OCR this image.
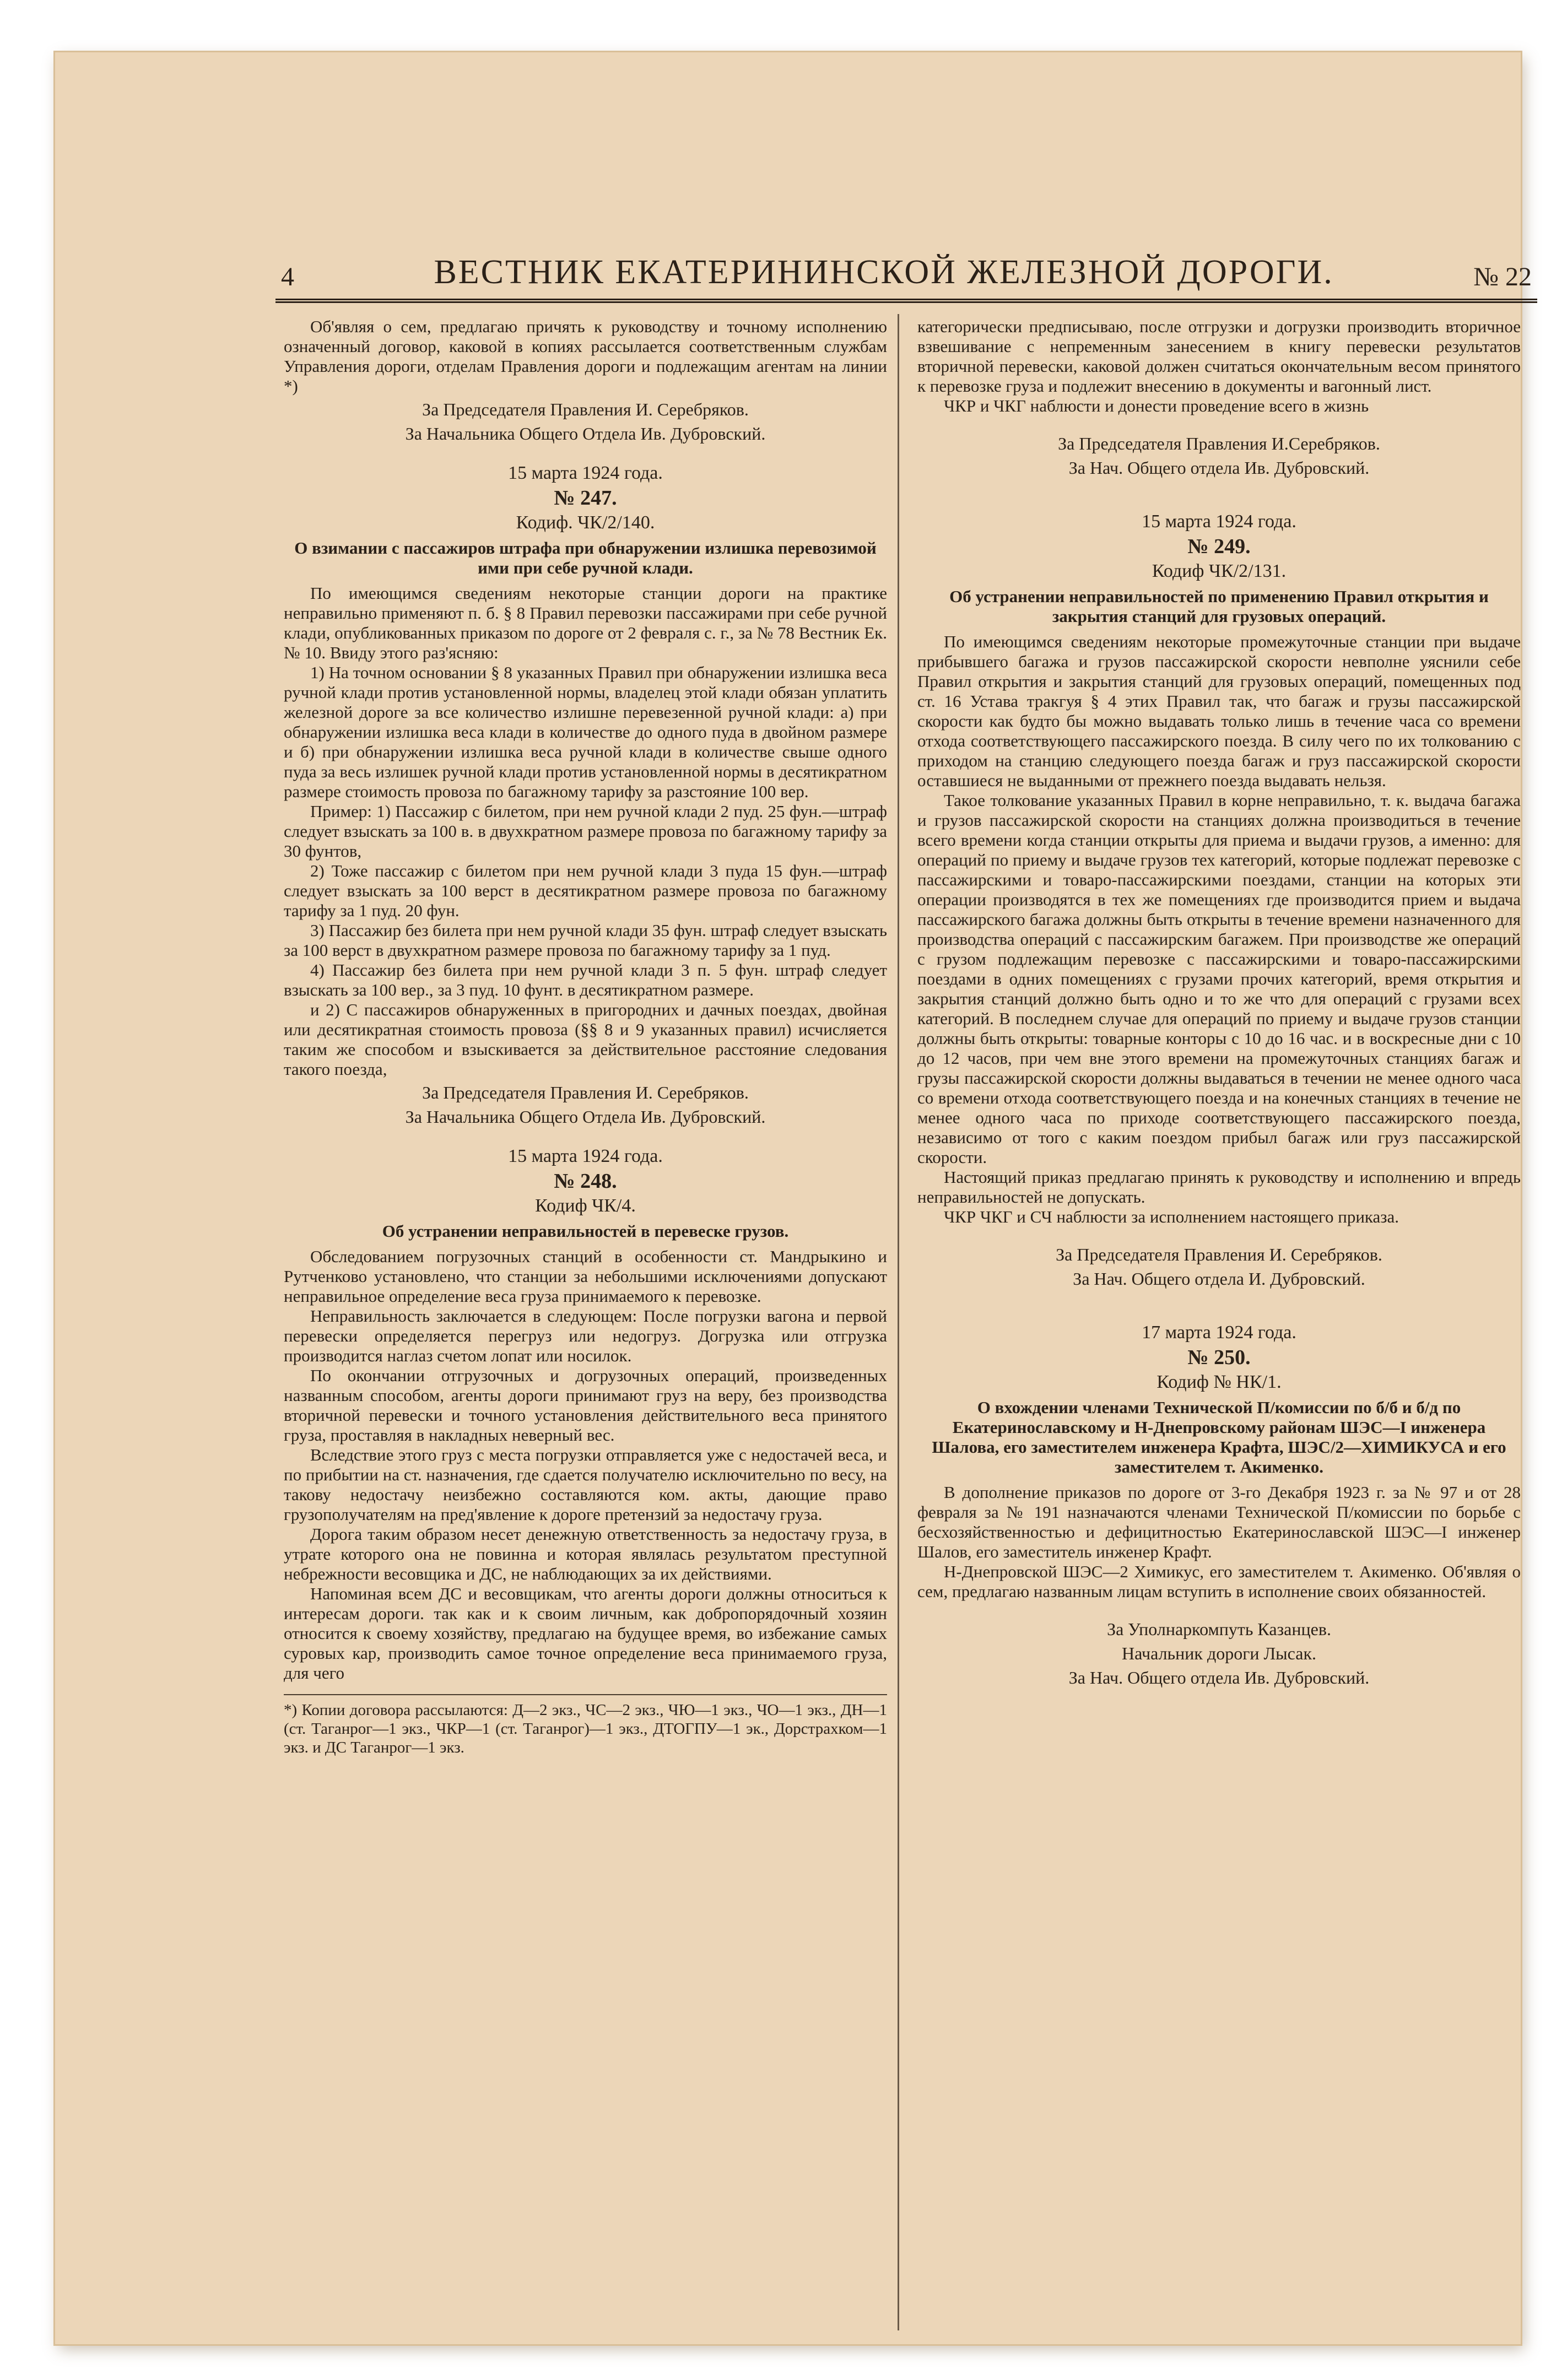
4	ВЕСТНИК ЕКАТЕРИНИНСКОЙ ЖЕЛЕЗНОЙ ДОРОГИ.	№ 22

Об'являя о сем, предлагаю причять к руководству и точному исполнению означенный договор, каковой в копиях рассылается соответственным службам Управления дороги, отделам Правления дороги и подлежащим агентам на линии *)

За Председателя Правления И. Серебряков.
За Начальника Общего Отдела Ив. Дубровский.
15 марта 1924 года.
№ 247.
Кодиф. ЧК/2/140.
О взимании с пассажиров штрафа при обнаружении излишка перевозимой ими при себе ручной клади.

По имеющимся сведениям некоторые станции дороги на практике неправильно применяют п. б. § 8 Правил перевозки пассажирами при себе ручной клади, опубликованных приказом по дороге от 2 февраля с. г., за № 78 Вестник Ек. № 10. Ввиду этого раз'ясняю:

1) На точном основании § 8 указанных Правил при обнаружении излишка веса ручной клади против установленной нормы, владелец этой клади обязан уплатить железной дороге за все количество излишне перевезенной ручной клади: а) при обнаружении излишка веса клади в количестве до одного пуда в двойном размере и б) при обнаружении излишка веса ручной клади в количестве свыше одного пуда за весь излишек ручной клади против установленной нормы в десятикратном размере стоимость провоза по багажному тарифу за разстояние 100 вер.

Пример: 1) Пассажир с билетом, при нем ручной клади 2 пуд. 25 фун.—штраф следует взыскать за 100 в. в двухкратном размере провоза по багажному тарифу за 30 фунтов,

2) Тоже пассажир с билетом при нем ручной клади 3 пуда 15 фун.—штраф следует взыскать за 100 верст в десятикратном размере провоза по багажному тарифу за 1 пуд. 20 фун.

3) Пассажир без билета при нем ручной клади 35 фун. штраф следует взыскать за 100 верст в двухкратном размере провоза по багажному тарифу за 1 пуд.

4) Пассажир без билета при нем ручной клади 3 п. 5 фун. штраф следует взыскать за 100 вер., за 3 пуд. 10 фунт. в десятикратном размере.

и 2) С пассажиров обнаруженных в пригородних и дачных поездах, двойная или десятикратная стоимость провоза (§§ 8 и 9 указанных правил) исчисляется таким же способом и взыскивается за действительное расстояние следования такого поезда,

За Председателя Правления И. Серебряков.
За Начальника Общего Отдела Ив. Дубровский.
15 марта 1924 года.
№ 248.
Кодиф ЧК/4.
Об устранении неправильностей в перевеске грузов.

Обследованием погрузочных станций в особенности ст. Мандрыкино и Рутченково установлено, что станции за небольшими исключениями допускают неправильное определение веса груза принимаемого к перевозке.

Неправильность заключается в следующем: После погрузки вагона и первой перевески определяется перегруз или недогруз. Догрузка или отгрузка производится наглаз счетом лопат или носилок.

По окончании отгрузочных и догрузочных операций, произведенных названным способом, агенты дороги принимают груз на веру, без производства вторичной перевески и точного установления действительного веса принятого груза, проставляя в накладных неверный вес.

Вследствие этого груз с места погрузки отправляется уже с недостачей веса, и по прибытии на ст. назначения, где сдается получателю исключительно по весу, на такову недостачу неизбежно составляются ком. акты, дающие право грузополучателям на пред'явление к дороге претензий за недостачу груза.

Дорога таким образом несет денежную ответственность за недостачу груза, в утрате которого она не повинна и которая являлась результатом преступной небрежности весовщика и ДС, не наблюдающих за их действиями.

Напоминая всем ДС и весовщикам, что агенты дороги должны относиться к интересам дороги. так как и к своим личным, как добропорядочный хозяин относится к своему хозяйству, предлагаю на будущее время, во избежание самых суровых кар, производить самое точное определение веса принимаемого груза, для чего

*) Копии договора рассылаются: Д—2 экз., ЧС—2 экз., ЧЮ—1 экз., ЧО—1 экз., ДН—1 (ст. Таганрог—1 экз., ЧКР—1 (ст. Таганрог)—1 экз., ДТОГПУ—1 эк., Дорстрахком—1 экз. и ДС Таганрог—1 экз.

категорически предписываю, после отгрузки и догрузки производить вторичное взвешивание с непременным занесением в книгу перевески результатов вторичной перевески, каковой должен считаться окончательным весом принятого к перевозке груза и подлежит внесению в документы и вагонный лист.

ЧКР и ЧКГ наблюсти и донести проведение всего в жизнь

За Председателя Правления И.Серебряков.
За Нач. Общего отдела Ив. Дубровский.
15 марта 1924 года.
№ 249.
Кодиф ЧК/2/131.
Об устранении неправильностей по применению Правил открытия и закрытия станций для грузовых операций.

По имеющимся сведениям некоторые промежуточные станции при выдаче прибывшего багажа и грузов пассажирской скорости невполне уяснили себе Правил открытия и закрытия станций для грузовых операций, помещенных под ст. 16 Устава тракгуя § 4 этих Правил так, что багаж и грузы пассажирской скорости как будто бы можно выдавать только лишь в течение часа со времени отхода соответствующего пассажирского поезда. В силу чего по их толкованию с приходом на станцию следующего поезда багаж и груз пассажирской скорости оставшиеся не выданными от прежнего поезда выдавать нельзя.

Такое толкование указанных Правил в корне неправильно, т. к. выдача багажа и грузов пассажирской скорости на станциях должна производиться в течение всего времени когда станции открыты для приема и выдачи грузов, а именно: для операций по приему и выдаче грузов тех категорий, которые подлежат перевозке с пассажирскими и товаро-пассажирскими поездами, станции на которых эти операции производятся в тех же помещениях где производится прием и выдача пассажирского багажа должны быть открыты в течение времени назначенного для производства операций с пассажирским багажем. При производстве же операций с грузом подлежащим перевозке с пассажирскими и товаро-пассажирскими поездами в одних помещениях с грузами прочих категорий, время открытия и закрытия станций должно быть одно и то же что для операций с грузами всех категорий. В последнем случае для операций по приему и выдаче грузов станции должны быть открыты: товарные конторы с 10 до 16 час. и в воскресные дни с 10 до 12 часов, при чем вне этого времени на промежуточных станциях багаж и грузы пассажирской скорости должны выдаваться в течении не менее одного часа со времени отхода соответствующего поезда и на конечных станциях в течение не менее одного часа по приходе соответствующего пассажирского поезда, независимо от того с каким поездом прибыл багаж или груз пассажирской скорости.

Настоящий приказ предлагаю принять к руководству и исполнению и впредь неправильностей не допускать.

ЧКР ЧКГ и СЧ наблюсти за исполнением настоящего приказа.

За Председателя Правления И. Серебряков.
За Нач. Общего отдела И. Дубровский.
17 марта 1924 года.
№ 250.
Кодиф № НК/1.
О вхождении членами Технической П/комиссии по б/б и б/д по Екатеринославскому и Н-Днепровскому районам ШЭС—I инженера Шалова, его заместителем инженера Крафта, ШЭС/2—ХИМИКУСА и его заместителем т. Акименко.

В дополнение приказов по дороге от 3-го Декабря 1923 г. за № 97 и от 28 февраля за № 191 назначаются членами Технической П/комиссии по борьбе с бесхозяйственностью и дефицитностью Екатеринославской ШЭС—I инженер Шалов, его заместитель инженер Крафт.

Н-Днепровской ШЭС—2 Химикус, его заместителем т. Акименко. Об'являя о сем, предлагаю названным лицам вступить в исполнение своих обязанностей.

За Уполнаркомпуть Казанцев.
Начальник дороги Лысак.
За Нач. Общего отдела Ив. Дубровский.
